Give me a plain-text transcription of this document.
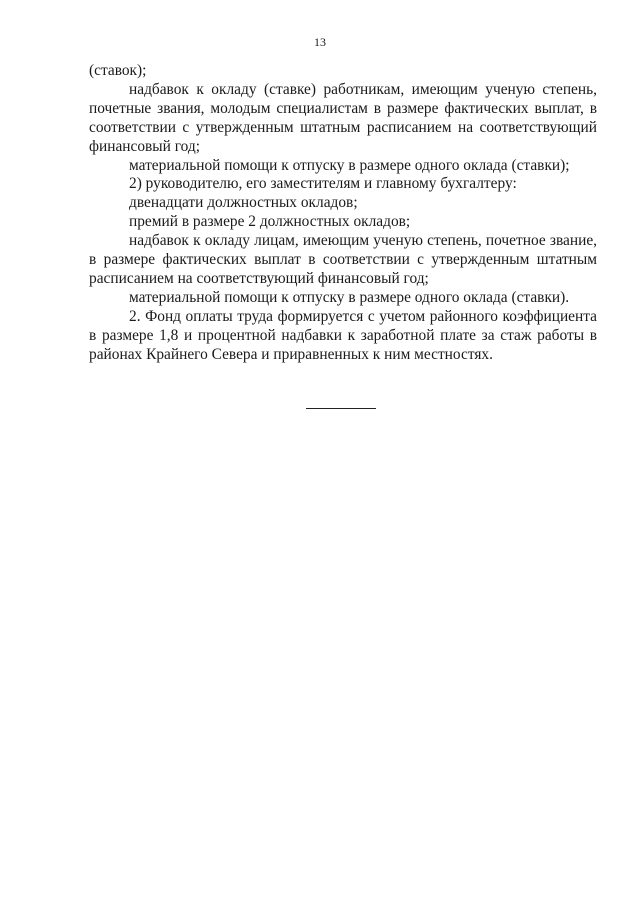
13

(ставок);

надбавок к окладу (ставке) работникам, имеющим ученую степень, почетные звания, молодым специалистам в размере фактических выплат, в соответствии с утвержденным штатным расписанием на соответствующий финансовый год;

материальной помощи к отпуску в размере одного оклада (ставки);

2) руководителю, его заместителям и главному бухгалтеру:

двенадцати должностных окладов;

премий в размере 2 должностных окладов;

надбавок к окладу лицам, имеющим ученую степень, почетное звание, в размере фактических выплат в соответствии с утвержденным штатным расписанием на соответствующий финансовый год;

материальной помощи к отпуску в размере одного оклада (ставки).

2. Фонд оплаты труда формируется с учетом районного коэффициента в размере 1,8 и процентной надбавки к заработной плате за стаж работы в районах Крайнего Севера и приравненных к ним местностях.
